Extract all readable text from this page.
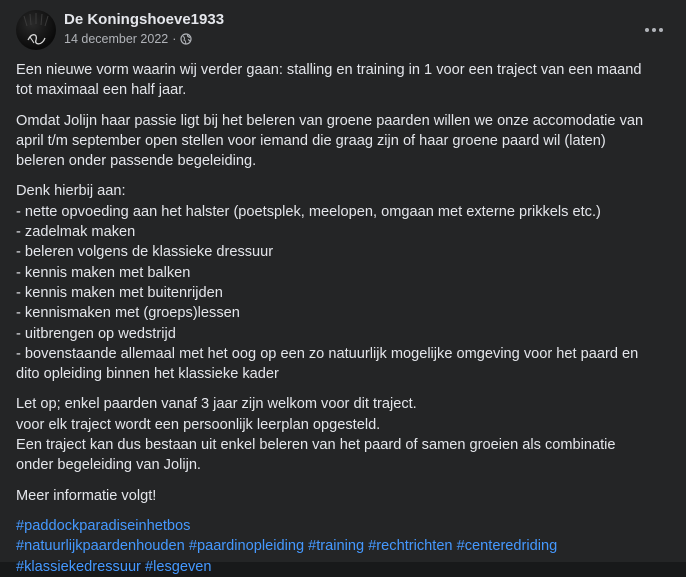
De Koningshoeve1933
14 december 2022 ·

Een nieuwe vorm waarin wij verder gaan: stalling en training in 1 voor een traject van een maand
tot maximaal een half jaar.

Omdat Jolijn haar passie ligt bij het beleren van groene paarden willen we onze accomodatie van
april t/m september open stellen voor iemand die graag zijn of haar groene paard wil (laten)
beleren onder passende begeleiding.

Denk hierbij aan:
- nette opvoeding aan het halster (poetsplek, meelopen, omgaan met externe prikkels etc.)
- zadelmak maken
- beleren volgens de klassieke dressuur
- kennis maken met balken
- kennis maken met buitenrijden
- kennismaken met (groeps)lessen
- uitbrengen op wedstrijd
- bovenstaande allemaal met het oog op een zo natuurlijk mogelijke omgeving voor het paard en
dito opleiding binnen het klassieke kader

Let op; enkel paarden vanaf 3 jaar zijn welkom voor dit traject.
voor elk traject wordt een persoonlijk leerplan opgesteld.
Een traject kan dus bestaan uit enkel beleren van het paard of samen groeien als combinatie
onder begeleiding van Jolijn.

Meer informatie volgt!

#paddockparadiseinhetbos
#natuurlijkpaardenhouden #paardinopleiding #training #rechtrichten #centeredriding
#klassiekedressuur #lesgeven
